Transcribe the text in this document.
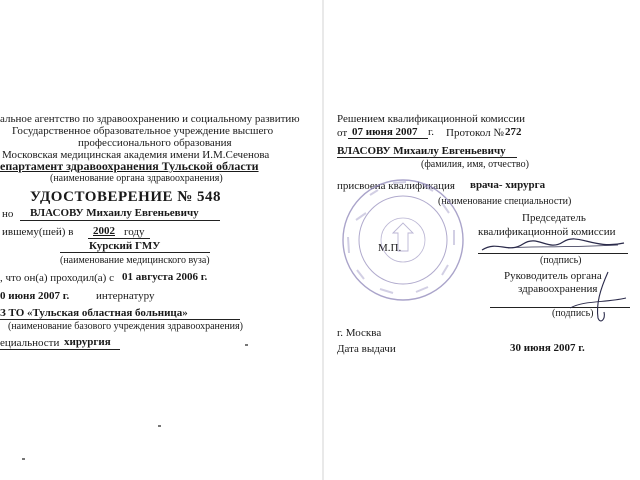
альное агентство по здравоохранению и социальному развитию
Государственное образовательное учреждение высшего
профессионального образования
Московская медицинская академия имени И.М.Сеченова
епартамент здравоохранения Тульской области
(наименование органа здравоохранения)
УДОСТОВЕРЕНИЕ № 548
но ВЛАСОВУ Михаилу Евгеньевичу
ившему(шей) в 2002 году
Курский ГМУ
(наименование медицинского вуза)
, что он(а) проходил(а) с 01 августа 2006 г.
0 июня 2007 г. интернатуру
З ТО «Тульская областная больница»
(наименование базового учреждения здравоохранения)
ециальности хирургия
Решением квалификационной комиссии
от 07 июня 2007 г. Протокол № 272
ВЛАСОВУ Михаилу Евгеньевичу
(фамилия, имя, отчество)
присвоена квалификация врача- хирурга
(наименование специальности)
Председатель
квалификационной комиссии
М.П.
(подпись)
Руководитель органа
здравоохранения
(подпись)
г. Москва
Дата выдачи	30 июня 2007 г.
